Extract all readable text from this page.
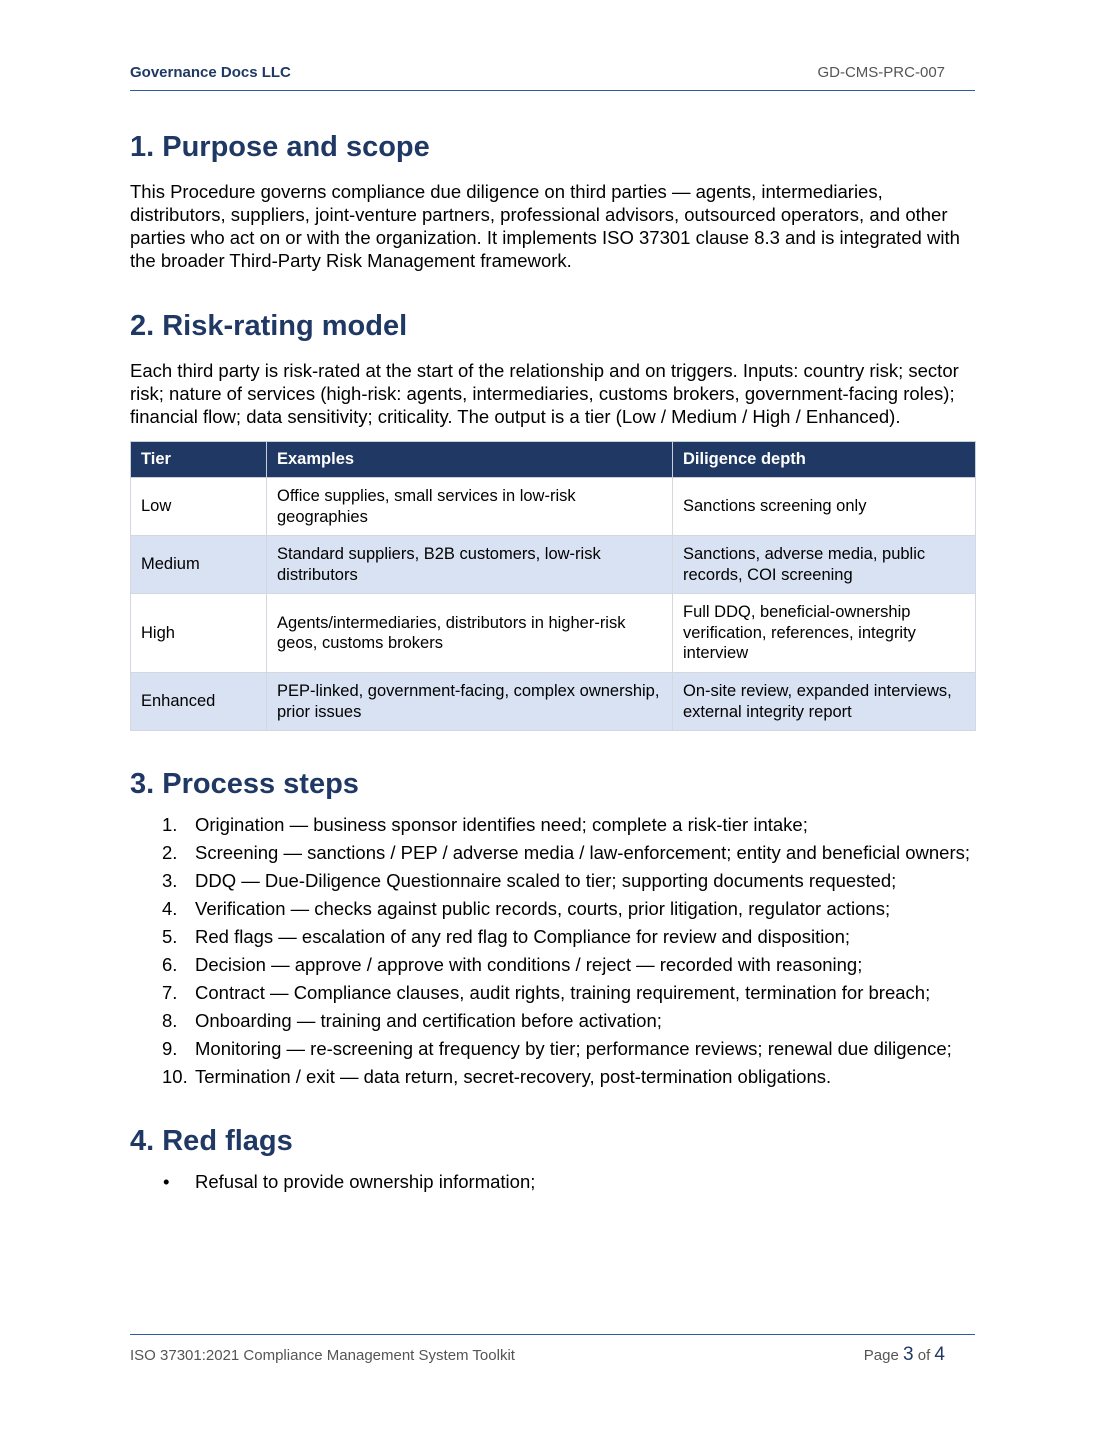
Governance Docs LLC	GD-CMS-PRC-007
1. Purpose and scope

This Procedure governs compliance due diligence on third parties — agents, intermediaries, distributors, suppliers, joint-venture partners, professional advisors, outsourced operators, and other parties who act on or with the organization. It implements ISO 37301 clause 8.3 and is integrated with the broader Third-Party Risk Management framework.

2. Risk-rating model

Each third party is risk-rated at the start of the relationship and on triggers. Inputs: country risk; sector risk; nature of services (high-risk: agents, intermediaries, customs brokers, government-facing roles); financial flow; data sensitivity; criticality. The output is a tier (Low / Medium / High / Enhanced).

Tier	Examples	Diligence depth
Low	Office supplies, small services in low-risk geographies	Sanctions screening only
Medium	Standard suppliers, B2B customers, low-risk distributors	Sanctions, adverse media, public records, COI screening
High	Agents/intermediaries, distributors in higher-risk geos, customs brokers	Full DDQ, beneficial-ownership verification, references, integrity interview
Enhanced	PEP-linked, government-facing, complex ownership, prior issues	On-site review, expanded interviews, external integrity report
3. Process steps
1. Origination — business sponsor identifies need; complete a risk-tier intake;
2. Screening — sanctions / PEP / adverse media / law-enforcement; entity and beneficial owners;
3. DDQ — Due-Diligence Questionnaire scaled to tier; supporting documents requested;
4. Verification — checks against public records, courts, prior litigation, regulator actions;
5. Red flags — escalation of any red flag to Compliance for review and disposition;
6. Decision — approve / approve with conditions / reject — recorded with reasoning;
7. Contract — Compliance clauses, audit rights, training requirement, termination for breach;
8. Onboarding — training and certification before activation;
9. Monitoring — re-screening at frequency by tier; performance reviews; renewal due diligence;
10. Termination / exit — data return, secret-recovery, post-termination obligations.
4. Red flags
• Refusal to provide ownership information;
ISO 37301:2021 Compliance Management System Toolkit	Page 3 of 4
